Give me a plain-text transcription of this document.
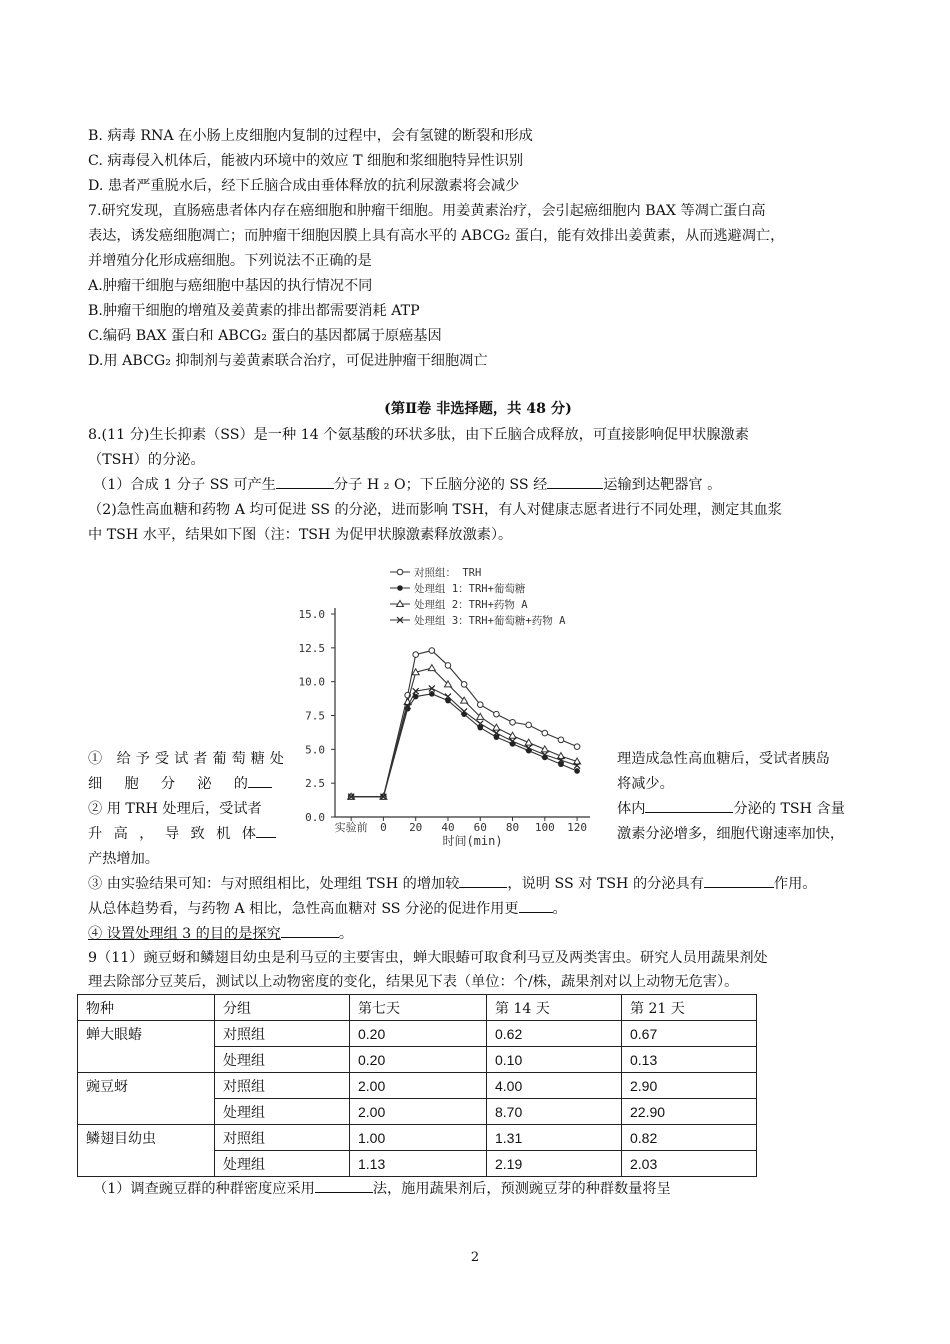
B. 病毒 RNA 在小肠上皮细胞内复制的过程中，会有氢键的断裂和形成
C. 病毒侵入机体后，能被内环境中的效应 T 细胞和浆细胞特异性识别
D. 患者严重脱水后，经下丘脑合成由垂体释放的抗利尿激素将会减少
7.研究发现，直肠癌患者体内存在癌细胞和肿瘤干细胞。用姜黄素治疗，会引起癌细胞内 BAX 等凋亡蛋白高
表达，诱发癌细胞凋亡；而肿瘤干细胞因膜上具有高水平的 ABCG₂ 蛋白，能有效排出姜黄素，从而逃避凋亡，
并增殖分化形成癌细胞。下列说法不正确的是
A.肿瘤干细胞与癌细胞中基因的执行情况不同
B.肿瘤干细胞的增殖及姜黄素的排出都需要消耗 ATP
C.编码 BAX 蛋白和 ABCG₂ 蛋白的基因都属于原癌基因
D.用 ABCG₂ 抑制剂与姜黄素联合治疗，可促进肿瘤干细胞凋亡
(第Ⅱ卷 非选择题，共 48 分)
8.(11 分)生长抑素（SS）是一种 14 个氨基酸的环状多肽，由下丘脑合成释放，可直接影响促甲状腺激素
（TSH）的分泌。
（1）合成 1 分子 SS 可产生	分子 H ₂ O；下丘脑分泌的 SS 经	运输到达靶器官 。
（2)急性高血糖和药物 A 均可促进 SS 的分泌，进而影响 TSH，有人对健康志愿者进行不同处理，测定其血浆
中 TSH 水平，结果如下图（注：TSH 为促甲状腺激素释放激素）。
对照组： TRH
处理组 1：TRH+葡萄糖
处理组 2：TRH+药物 A
处理组 3：TRH+葡萄糖+药物 A
0.0
2.5
5.0
7.5
10.0
12.5
15.0
实验前 0 20 40 60 80 100 120
时间(min)
① 给予受试者葡萄糖处
细 胞 分 泌 的
理造成急性高血糖后，受试者胰岛
将减少。
② 用 TRH 处理后，受试者
升 高 ， 导 致 机 体
体内	分泌的 TSH 含量
激素分泌增多，细胞代谢速率加快，
产热增加。
③ 由实验结果可知：与对照组相比，处理组 TSH 的增加较	，说明 SS 对 TSH 的分泌具有	作用。
从总体趋势看，与药物 A 相比，急性高血糖对 SS 分泌的促进作用更 。
④ 设置处理组 3 的目的是探究	。
9（11）豌豆蚜和鳞翅目幼虫是利马豆的主要害虫，蝉大眼蝽可取食利马豆及两类害虫。研究人员用蔬果剂处
理去除部分豆荚后，测试以上动物密度的变化，结果见下表（单位：个/株，蔬果剂对以上动物无危害）。
物种	分组	第七天	第 14 天	第 21 天
蝉大眼蝽	对照组	0.20	0.62	0.67
	处理组	0.20	0.10	0.13
豌豆蚜	对照组	2.00	4.00	2.90
	处理组	2.00	8.70	22.90
鳞翅目幼虫	对照组	1.00	1.31	0.82
	处理组	1.13	2.19	2.03
（1）调查豌豆群的种群密度应采用	法，施用蔬果剂后，预测豌豆芽的种群数量将呈
2
